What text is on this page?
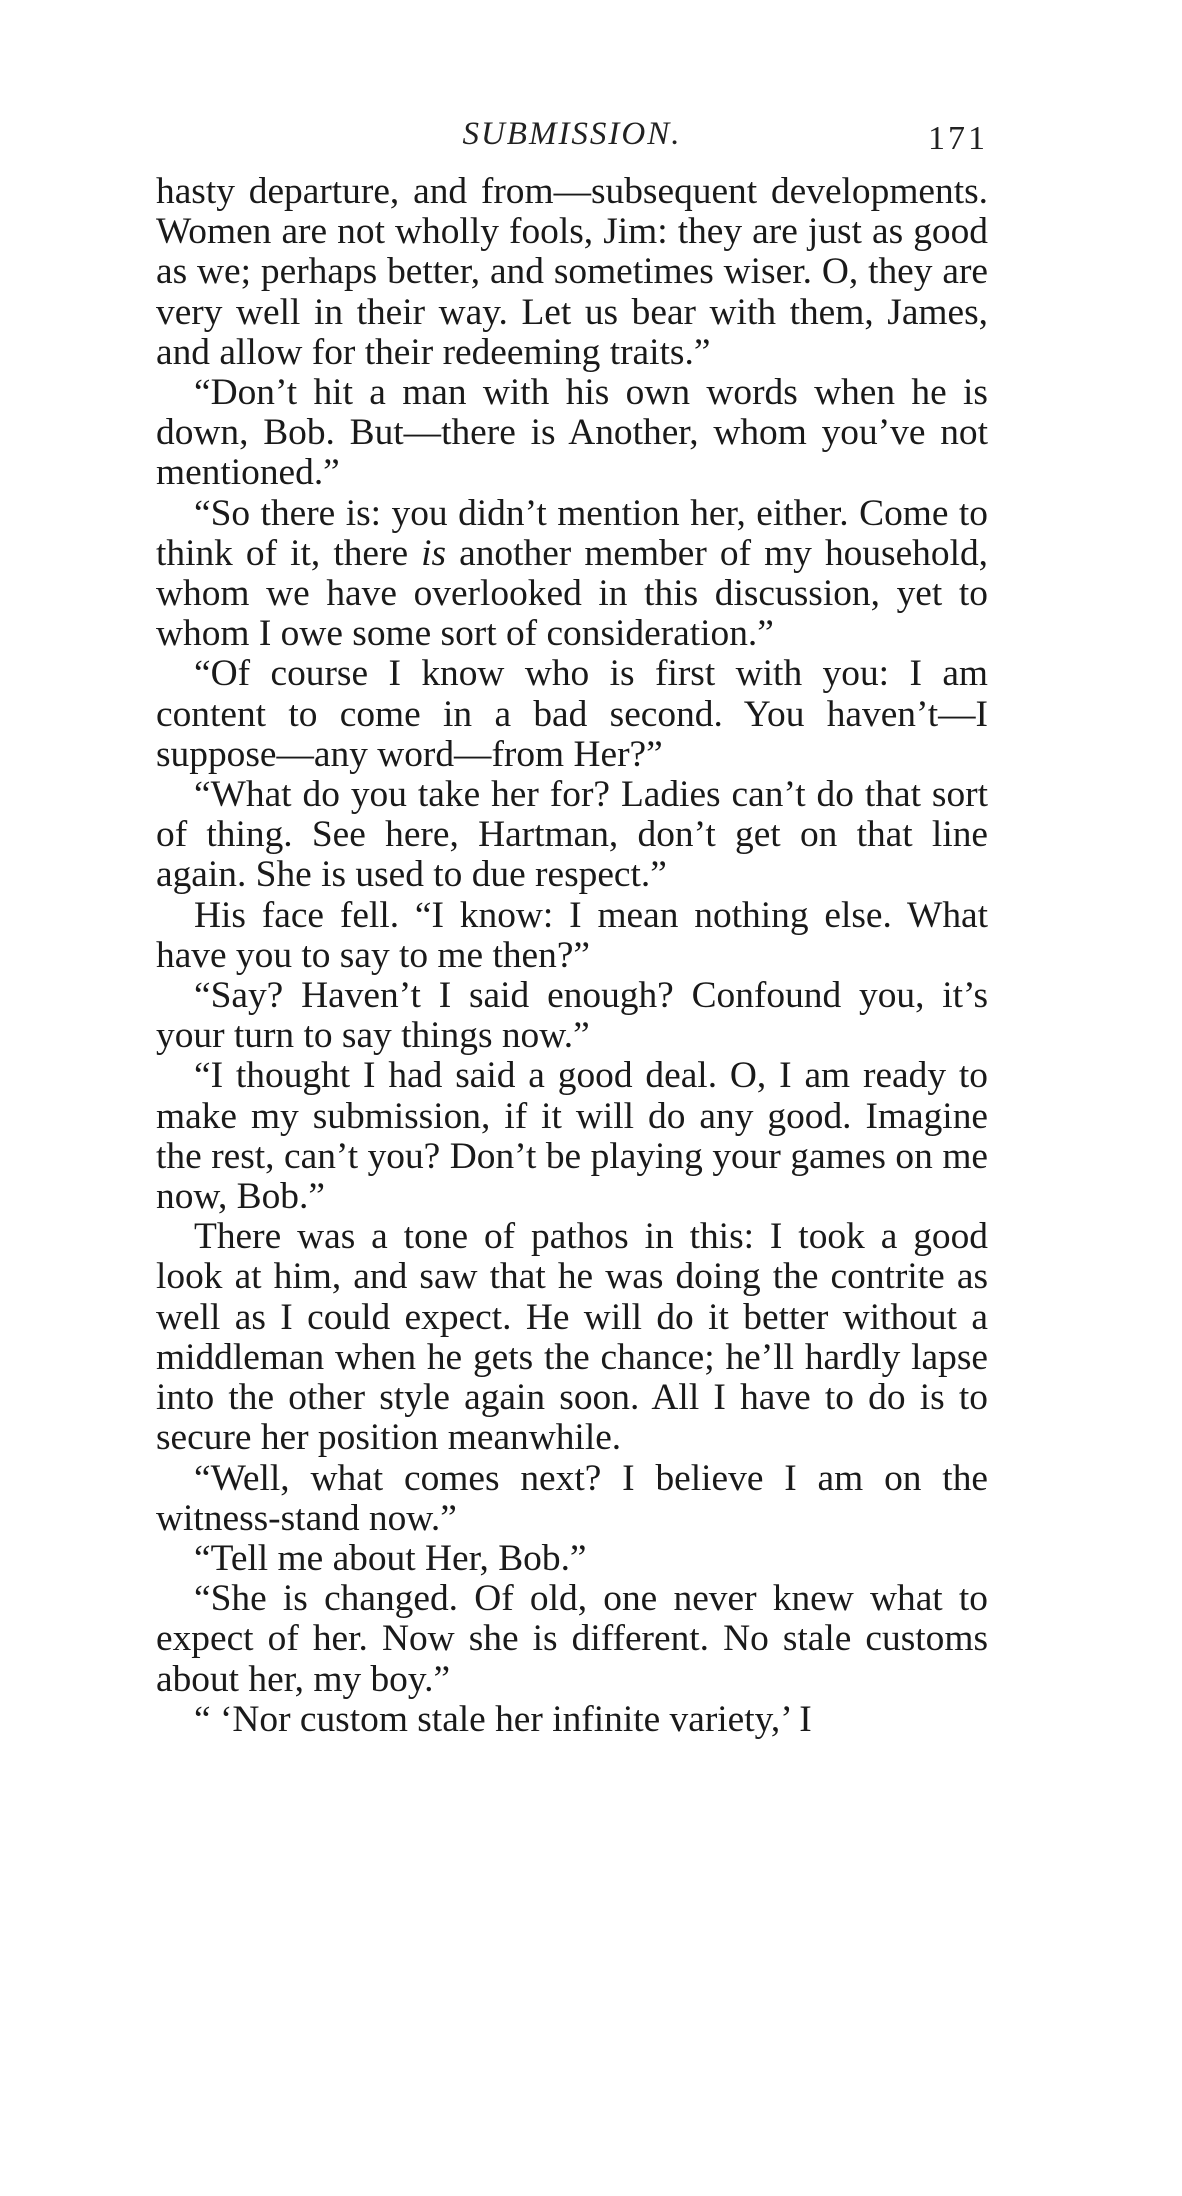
SUBMISSION.	171

hasty departure, and from—subsequent developments. Women are not wholly fools, Jim: they are just as good as we; perhaps better, and sometimes wiser. O, they are very well in their way. Let us bear with them, James, and allow for their redeeming traits.”

“Don’t hit a man with his own words when he is down, Bob. But—there is Another, whom you’ve not mentioned.”

“So there is: you didn’t mention her, either. Come to think of it, there is another member of my household, whom we have overlooked in this discussion, yet to whom I owe some sort of consideration.”

“Of course I know who is first with you: I am content to come in a bad second. You haven’t—I suppose—any word—from Her?”

“What do you take her for? Ladies can’t do that sort of thing. See here, Hartman, don’t get on that line again. She is used to due respect.”

His face fell. “I know: I mean nothing else. What have you to say to me then?”

“Say? Haven’t I said enough? Confound you, it’s your turn to say things now.”

“I thought I had said a good deal. O, I am ready to make my submission, if it will do any good. Imagine the rest, can’t you? Don’t be playing your games on me now, Bob.”

There was a tone of pathos in this: I took a good look at him, and saw that he was doing the contrite as well as I could expect. He will do it better without a middleman when he gets the chance; he’ll hardly lapse into the other style again soon. All I have to do is to secure her position meanwhile.

“Well, what comes next? I believe I am on the witness-stand now.”

“Tell me about Her, Bob.”

“She is changed. Of old, one never knew what to expect of her. Now she is different. No stale customs about her, my boy.”

“ ‘Nor custom stale her infinite variety,’ I
